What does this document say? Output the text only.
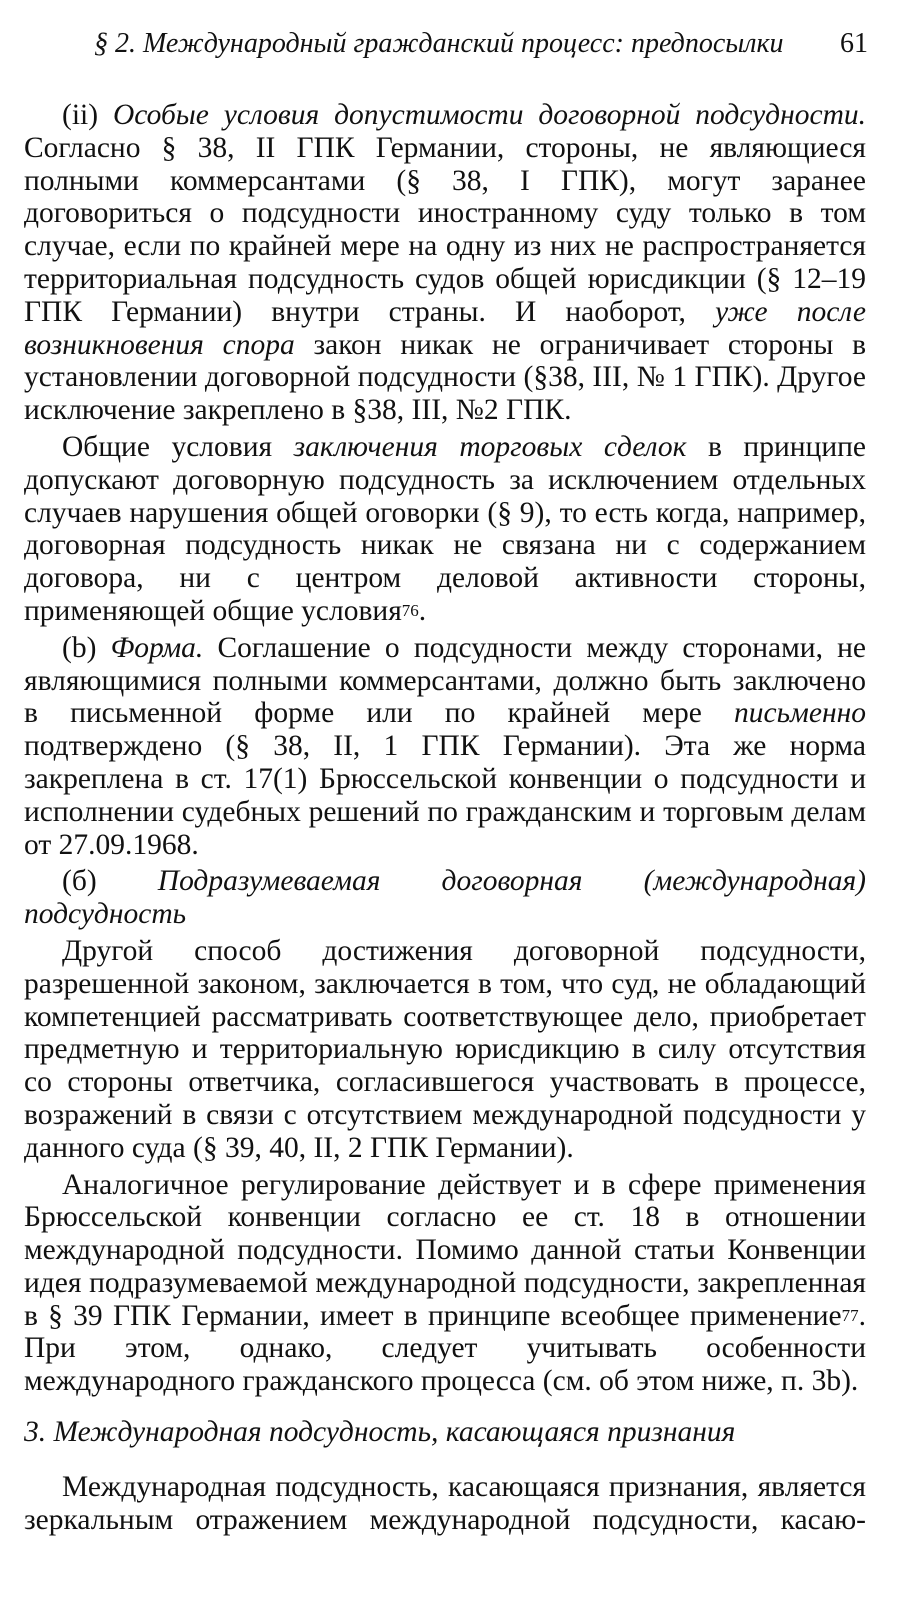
§ 2. Международный гражданский процесс: предпосылки 61

(ii) Особые условия допустимости договорной подсудности. Согласно § 38, II ГПК Германии, стороны, не являющиеся полными коммерсантами (§ 38, I ГПК), могут заранее договориться о подсудности иностранному суду только в том случае, если по крайней мере на одну из них не распространяется территориальная подсудность судов общей юрисдикции (§ 12–19 ГПК Германии) внутри страны. И наоборот, уже после возникновения спора закон никак не ограничивает стороны в установлении договорной подсудности (§38, III, № 1 ГПК). Другое исключение закреплено в §38, III, №2 ГПК.

Общие условия заключения торговых сделок в принципе допускают договорную подсудность за исключением отдельных случаев нарушения общей оговорки (§ 9), то есть когда, например, договорная подсудность никак не связана ни с содержанием договора, ни с центром деловой активности стороны, применяющей общие условия$^{76}$.

(b) Форма. Соглашение о подсудности между сторонами, не являющимися полными коммерсантами, должно быть заключено в письменной форме или по крайней мере письменно подтверждено (§ 38, II, 1 ГПК Германии). Эта же норма закреплена в ст. 17(1) Брюссельской конвенции о подсудности и исполнении судебных решений по гражданским и торговым делам от 27.09.1968.

(б) Подразумеваемая договорная (международная) подсудность

Другой способ достижения договорной подсудности, разрешенной законом, заключается в том, что суд, не обладающий компетенцией рассматривать соответствующее дело, приобретает предметную и территориальную юрисдикцию в силу отсутствия со стороны ответчика, согласившегося участвовать в процессе, возражений в связи с отсутствием международной подсудности у данного суда (§ 39, 40, II, 2 ГПК Германии).

Аналогичное регулирование действует и в сфере применения Брюссельской конвенции согласно ее ст. 18 в отношении международной подсудности. Помимо данной статьи Конвенции идея подразумеваемой международной подсудности, закрепленная в § 39 ГПК Германии, имеет в принципе всеобщее применение$^{77}$. При этом, однако, следует учитывать особенности международного гражданского процесса (см. об этом ниже, п. 3b).

3. Международная подсудность, касающаяся признания

Международная подсудность, касающаяся признания, является зеркальным отражением международной подсудности, касаю-
